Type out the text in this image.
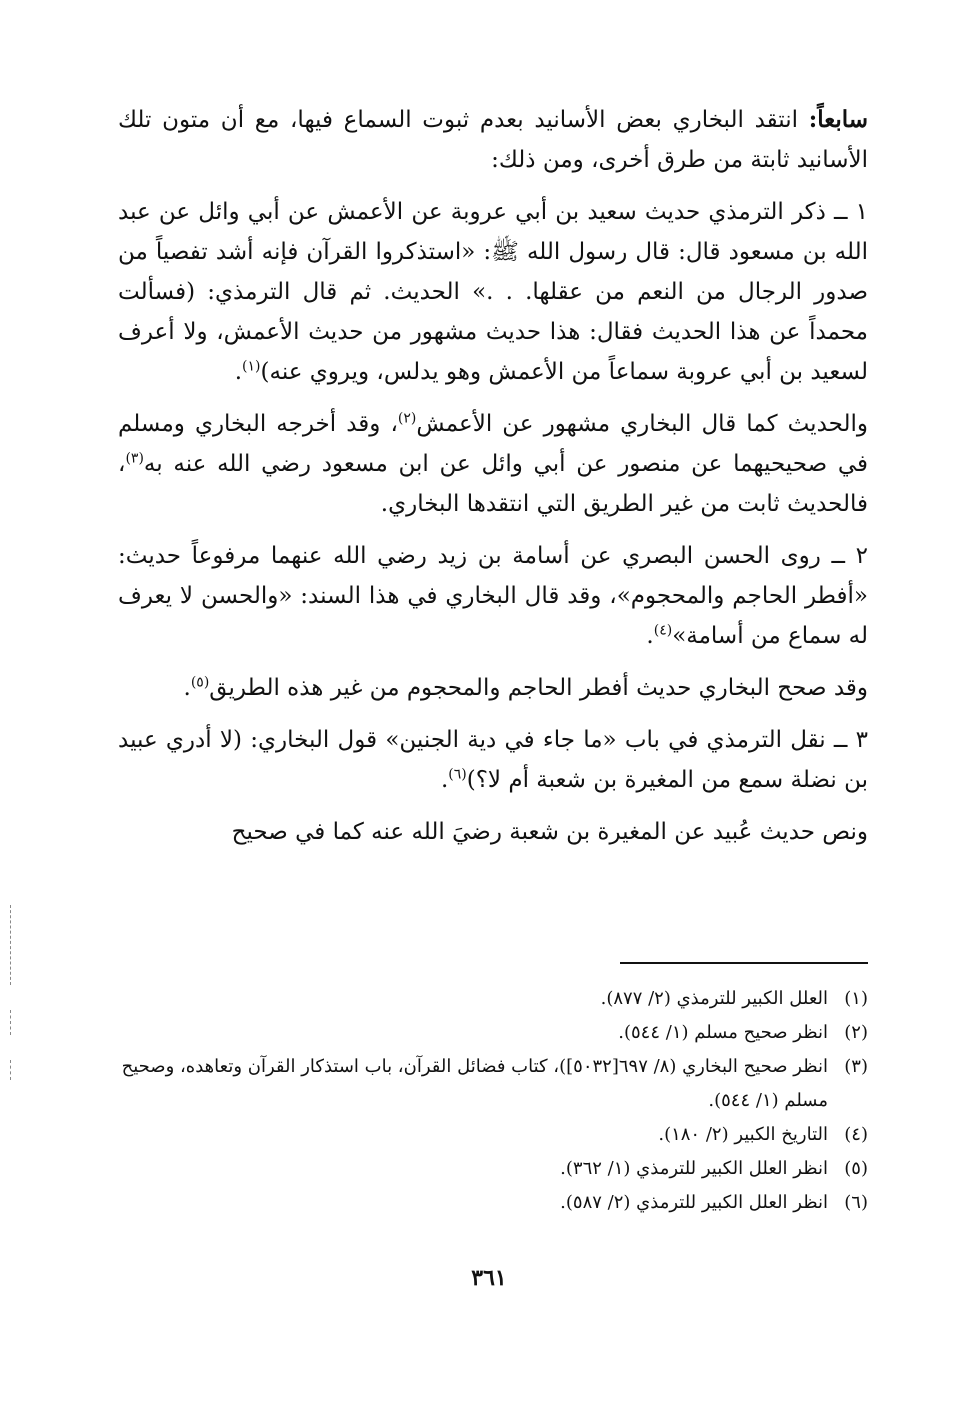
سابعاً: انتقد البخاري بعض الأسانيد بعدم ثبوت السماع فيها، مع أن متون تلك الأسانيد ثابتة من طرق أخرى، ومن ذلك:

١ ــ ذكر الترمذي حديث سعيد بن أبي عروبة عن الأعمش عن أبي وائل عن عبد الله بن مسعود قال: قال رسول الله ﷺ: «استذكروا القرآن فإنه أشد تفصياً من صدور الرجال من النعم من عقلها. . .» الحديث. ثم قال الترمذي: (فسألت محمداً عن هذا الحديث فقال: هذا حديث مشهور من حديث الأعمش، ولا أعرف لسعيد بن أبي عروبة سماعاً من الأعمش وهو يدلس، ويروي عنه)$^{(١)}$.

والحديث كما قال البخاري مشهور عن الأعمش$^{(٢)}$، وقد أخرجه البخاري ومسلم في صحيحيهما عن منصور عن أبي وائل عن ابن مسعود رضي الله عنه به$^{(٣)}$، فالحديث ثابت من غير الطريق التي انتقدها البخاري.

٢ ــ روى الحسن البصري عن أسامة بن زيد رضي الله عنهما مرفوعاً حديث: «أفطر الحاجم والمحجوم»، وقد قال البخاري في هذا السند: «والحسن لا يعرف له سماع من أسامة»$^{(٤)}$.

وقد صحح البخاري حديث أفطر الحاجم والمحجوم من غير هذه الطريق$^{(٥)}$.

٣ ــ نقل الترمذي في باب «ما جاء في دية الجنين» قول البخاري: (لا أدري عبيد بن نضلة سمع من المغيرة بن شعبة أم لا؟)$^{(٦)}$.

ونص حديث عُبيد عن المغيرة بن شعبة رضيَ الله عنه كما في صحيح

(١)
العلل الكبير للترمذي (٢/ ٨٧٧).
(٢)
انظر صحيح مسلم (١/ ٥٤٤).
(٣)
انظر صحيح البخاري (٨/ ٦٩٧[٥٠٣٢])، كتاب فضائل القرآن، باب استذكار القرآن وتعاهده، وصحيح مسلم (١/ ٥٤٤).
(٤)
التاريخ الكبير (٢/ ١٨٠).
(٥)
انظر العلل الكبير للترمذي (١/ ٣٦٢).
(٦)
انظر العلل الكبير للترمذي (٢/ ٥٨٧).
٣٦١
